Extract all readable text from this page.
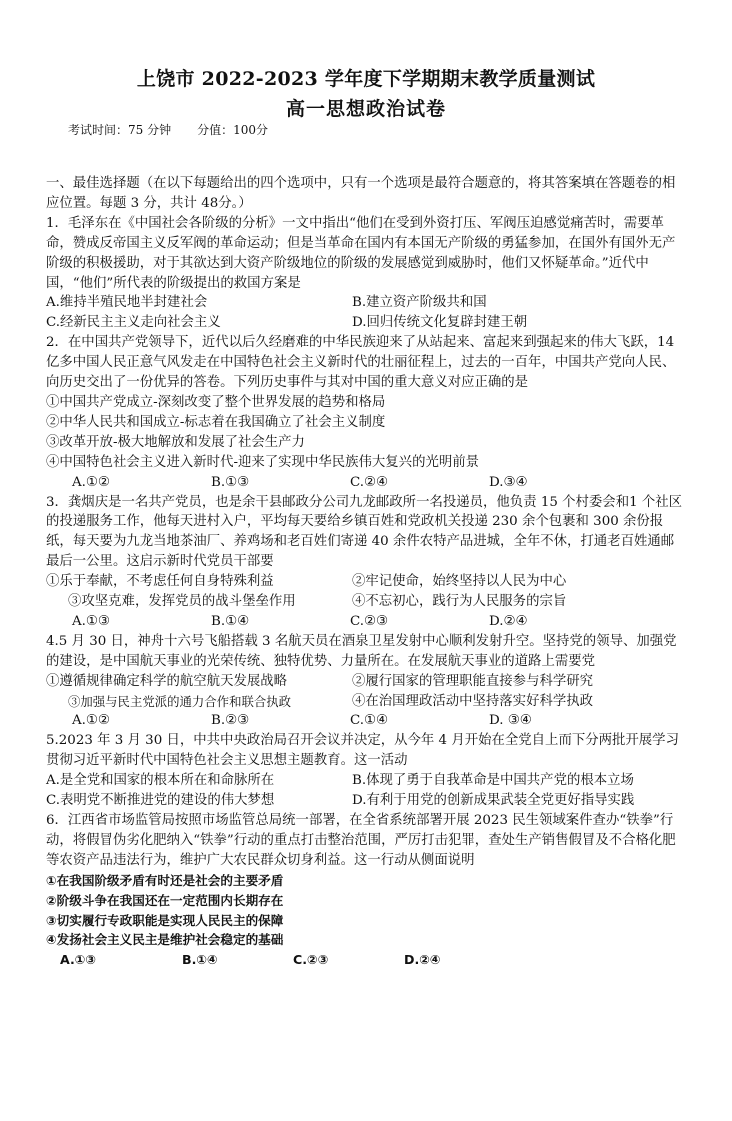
上饶市 2022-2023 学年度下学期期末教学质量测试
高一思想政治试卷
考试时间：75 分钟 分值：100分

一、最佳选择题（在以下每题给出的四个选项中，只有一个选项是最符合题意的，将其答案填在答题卷的相应位置。每题 3 分，共计 48分。）

1．毛泽东在《中国社会各阶级的分析》一文中指出“他们在受到外资打压、军阀压迫感觉痛苦时，需要革命，赞成反帝国主义反军阀的革命运动；但是当革命在国内有本国无产阶级的勇猛参加，在国外有国外无产阶级的积极援助，对于其欲达到大资产阶级地位的阶级的发展感觉到威胁时，他们又怀疑革命。”近代中国，“他们”所代表的阶级提出的救国方案是

A.维持半殖民地半封建社会	B.建立资产阶级共和国
C.经新民主主义走向社会主义	D.回归传统文化复辟封建王朝

2．在中国共产党领导下，近代以后久经磨难的中华民族迎来了从站起来、富起来到强起来的伟大飞跃，14 亿多中国人民正意气风发走在中国特色社会主义新时代的壮丽征程上，过去的一百年，中国共产党向人民、向历史交出了一份优异的答卷。下列历史事件与其对中国的重大意义对应正确的是

①中国共产党成立-深刻改变了整个世界发展的趋势和格局

②中华人民共和国成立-标志着在我国确立了社会主义制度

③改革开放-极大地解放和发展了社会生产力

④中国特色社会主义进入新时代-迎来了实现中华民族伟大复兴的光明前景

A.①②	B.①③	C.②④	D.③④

3．龚烟庆是一名共产党员，也是余干县邮政分公司九龙邮政所一名投递员，他负责 15 个村委会和1 个社区的投递服务工作，他每天进村入户，平均每天要给乡镇百姓和党政机关投递 230 余个包裹和 300 余份报纸，每天要为九龙当地茶油厂、养鸡场和老百姓们寄递 40 余件农特产品进城，全年不休，打通老百姓通邮最后一公里。这启示新时代党员干部要

①乐于奉献，不考虑任何自身特殊利益	②牢记使命，始终坚持以人民为中心
③攻坚克难，发挥党员的战斗堡垒作用	④不忘初心，践行为人民服务的宗旨
A.①③	B.①④	C.②③	D.②④

4.5 月 30 日，神舟十六号飞船搭载 3 名航天员在酒泉卫星发射中心顺利发射升空。坚持党的领导、加强党的建设，是中国航天事业的光荣传统、独特优势、力量所在。在发展航天事业的道路上需要党

①遵循规律确定科学的航空航天发展战略	②履行国家的管理职能直接参与科学研究
③加强与民主党派的通力合作和联合执政	④在治国理政活动中坚持落实好科学执政
A.①②	B.②③	C.①④	D. ③④

5.2023 年 3 月 30 日，中共中央政治局召开会议并决定，从今年 4 月开始在全党自上而下分两批开展学习贯彻习近平新时代中国特色社会主义思想主题教育。这一活动

A.是全党和国家的根本所在和命脉所在	B.体现了勇于自我革命是中国共产党的根本立场
C.表明党不断推进党的建设的伟大梦想	D.有利于用党的创新成果武装全党更好指导实践

6．江西省市场监管局按照市场监管总局统一部署，在全省系统部署开展 2023 民生领域案件查办“铁拳”行动，将假冒伪劣化肥纳入“铁拳”行动的重点打击整治范围，严厉打击犯罪，查处生产销售假冒及不合格化肥等农资产品违法行为，维护广大农民群众切身利益。这一行动从侧面说明

①在我国阶级矛盾有时还是社会的主要矛盾

②阶级斗争在我国还在一定范围内长期存在

③切实履行专政职能是实现人民民主的保障

④发扬社会主义民主是维护社会稳定的基础

A.①③	B.①④	C.②③	D.②④
